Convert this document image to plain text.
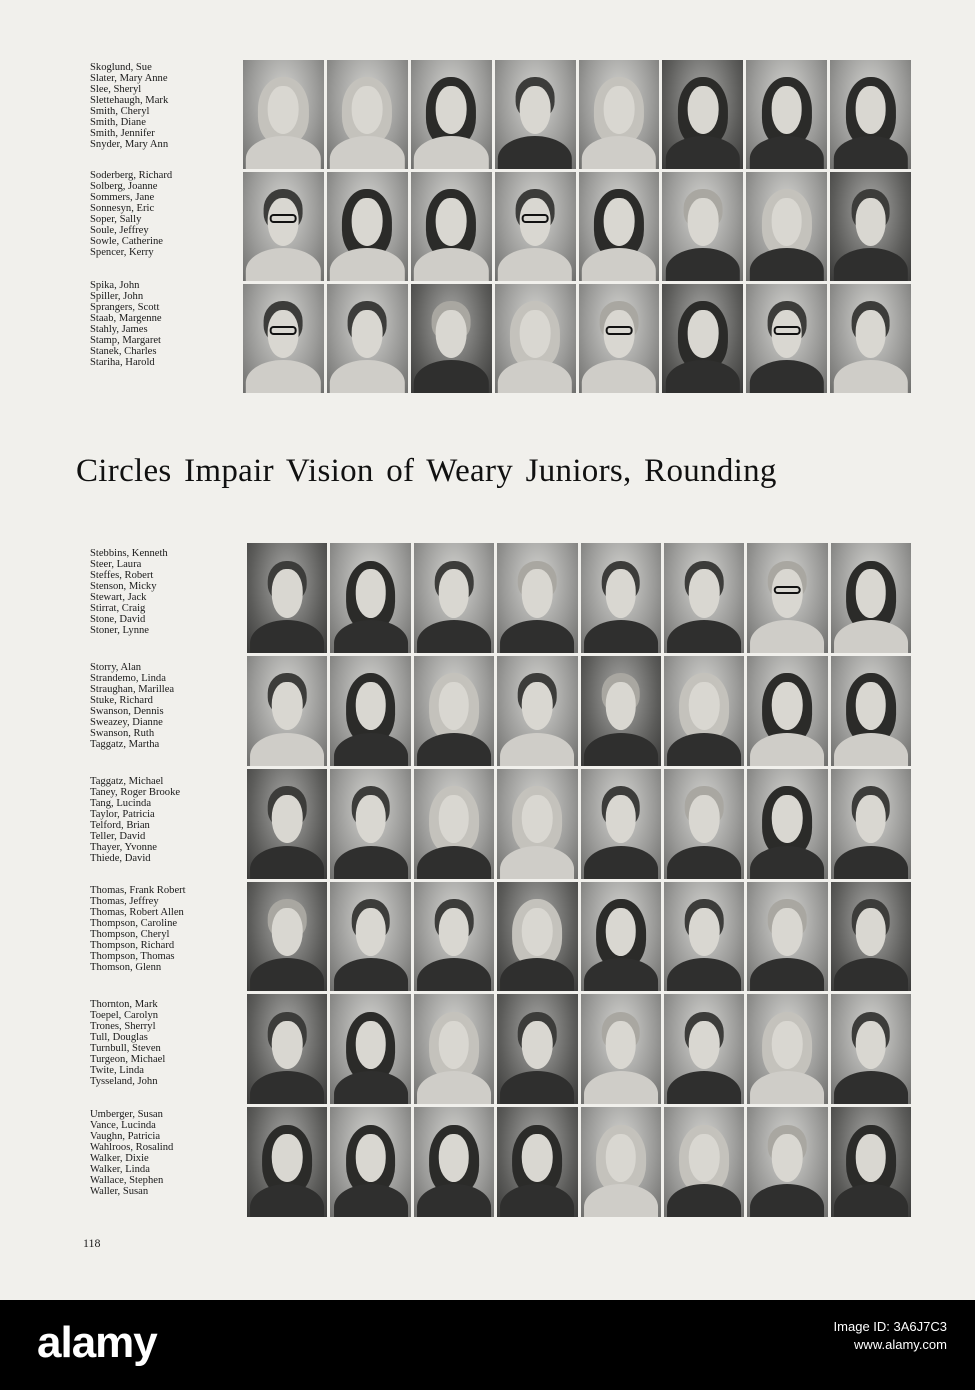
Skoglund, Sue
Slater, Mary Anne
Slee, Sheryl
Slettehaugh, Mark
Smith, Cheryl
Smith, Diane
Smith, Jennifer
Snyder, Mary Ann
Soderberg, Richard
Solberg, Joanne
Sommers, Jane
Sonnesyn, Eric
Soper, Sally
Soule, Jeffrey
Sowle, Catherine
Spencer, Kerry
Spika, John
Spiller, John
Sprangers, Scott
Staab, Margenne
Stahly, James
Stamp, Margaret
Stanek, Charles
Stariha, Harold
Circles Impair Vision of Weary Juniors, Rounding
Stebbins, Kenneth
Steer, Laura
Steffes, Robert
Stenson, Micky
Stewart, Jack
Stirrat, Craig
Stone, David
Stoner, Lynne
Storry, Alan
Strandemo, Linda
Straughan, Marillea
Stuke, Richard
Swanson, Dennis
Sweazey, Dianne
Swanson, Ruth
Taggatz, Martha
Taggatz, Michael
Taney, Roger Brooke
Tang, Lucinda
Taylor, Patricia
Telford, Brian
Teller, David
Thayer, Yvonne
Thiede, David
Thomas, Frank Robert
Thomas, Jeffrey
Thomas, Robert Allen
Thompson, Caroline
Thompson, Cheryl
Thompson, Richard
Thompson, Thomas
Thomson, Glenn
Thornton, Mark
Toepel, Carolyn
Trones, Sherryl
Tull, Douglas
Turnbull, Steven
Turgeon, Michael
Twite, Linda
Tysseland, John
Umberger, Susan
Vance, Lucinda
Vaughn, Patricia
Wahlroos, Rosalind
Walker, Dixie
Walker, Linda
Wallace, Stephen
Waller, Susan
118
alamy	Image ID: 3A6J7C3
www.alamy.com
